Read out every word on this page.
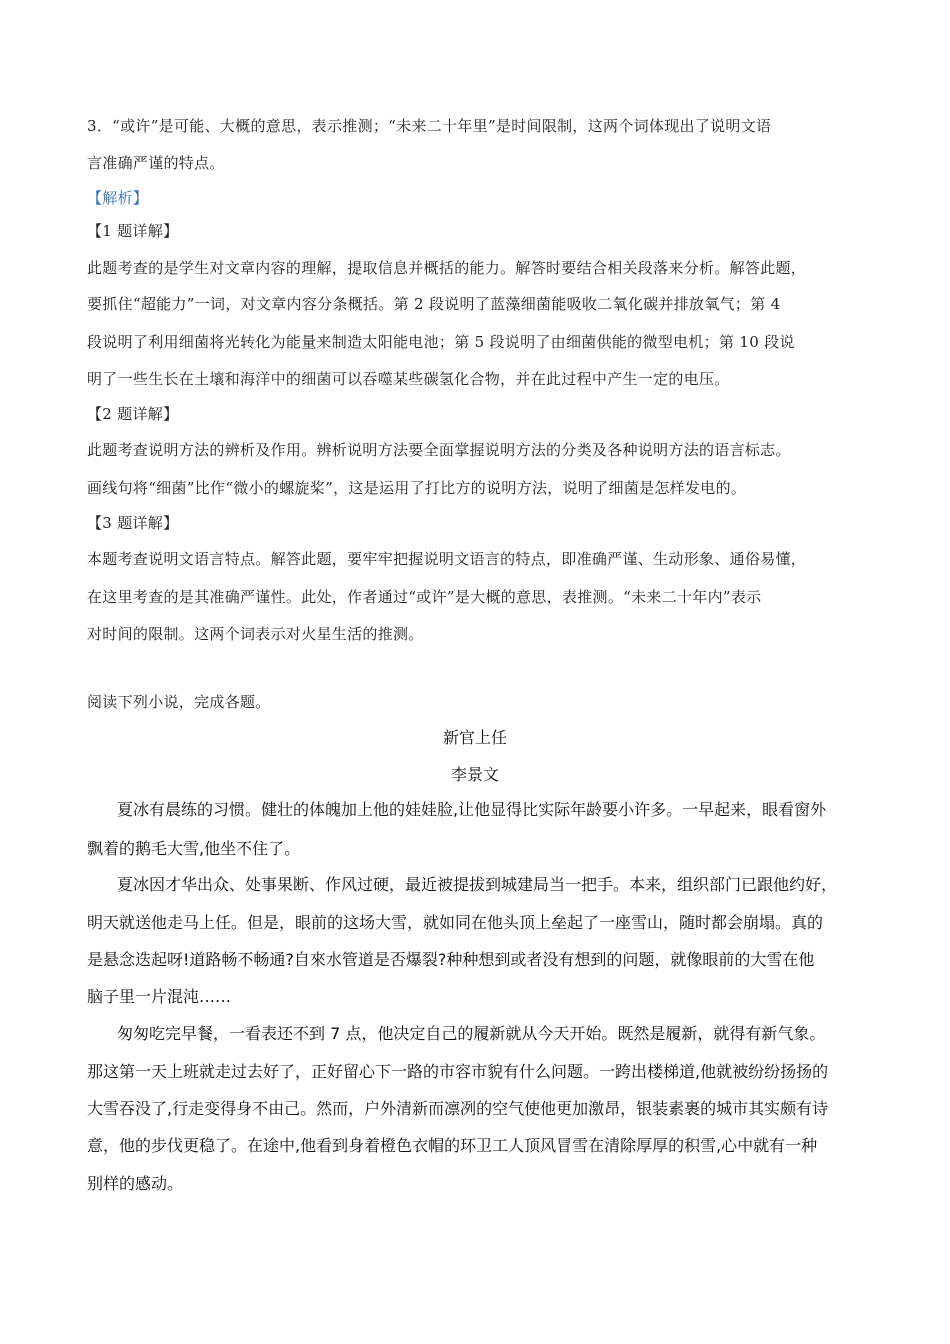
3．“或许”是可能、大概的意思，表示推测；“未来二十年里”是时间限制，这两个词体现出了说明文语
言准确严谨的特点。
【解析】
【1 题详解】
此题考查的是学生对文章内容的理解，提取信息并概括的能力。解答时要结合相关段落来分析。解答此题，
要抓住“超能力”一词，对文章内容分条概括。第 2 段说明了蓝藻细菌能吸收二氧化碳并排放氧气；第 4
段说明了利用细菌将光转化为能量来制造太阳能电池；第 5 段说明了由细菌供能的微型电机；第 10 段说
明了一些生长在土壤和海洋中的细菌可以吞噬某些碳氢化合物，并在此过程中产生一定的电压。
【2 题详解】
此题考查说明方法的辨析及作用。辨析说明方法要全面掌握说明方法的分类及各种说明方法的语言标志。
画线句将“细菌”比作“微小的螺旋桨”，这是运用了打比方的说明方法，说明了细菌是怎样发电的。
【3 题详解】
本题考查说明文语言特点。解答此题，要牢牢把握说明文语言的特点，即准确严谨、生动形象、通俗易懂，
在这里考查的是其准确严谨性。此处，作者通过“或许”是大概的意思，表推测。“未来二十年内”表示
对时间的限制。这两个词表示对火星生活的推测。
阅读下列小说，完成各题。
新官上任
李景文
夏冰有晨练的习惯。健壮的体魄加上他的娃娃脸,让他显得比实际年龄要小许多。一早起来，眼看窗外
飘着的鹅毛大雪,他坐不住了。
夏冰因才华出众、处事果断、作风过硬，最近被提拔到城建局当一把手。本来，组织部门已跟他约好，
明天就送他走马上任。但是，眼前的这场大雪，就如同在他头顶上垒起了一座雪山，随时都会崩塌。真的
是悬念迭起呀!道路畅不畅通?自來水管道是否爆裂?种种想到或者没有想到的问题，就像眼前的大雪在他
脑子里一片混沌……
匆匆吃完早餐，一看表还不到 7 点，他决定自己的履新就从今天开始。既然是履新，就得有新气象。
那这第一天上班就走过去好了，正好留心下一路的市容市貌有什么问题。一跨出楼梯道,他就被纷纷扬扬的
大雪吞没了,行走变得身不由己。然而，户外清新而凛冽的空气使他更加激昂，银装素裹的城市其实颇有诗
意，他的步伐更稳了。在途中,他看到身着橙色衣帽的环卫工人顶风冒雪在清除厚厚的积雪,心中就有一种
别样的感动。
